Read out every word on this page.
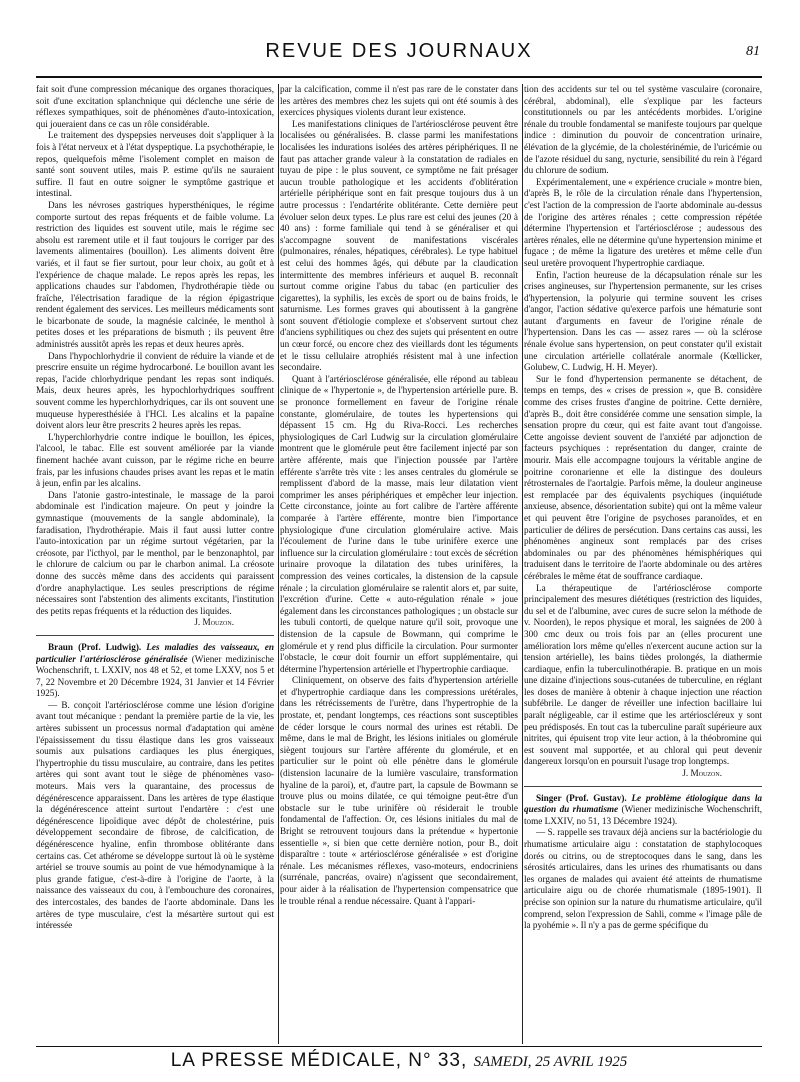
REVUE DES JOURNAUX	81

fait soit d'une compression mécanique des organes thoraciques, soit d'une excitation splanchnique qui déclenche une série de réflexes sympathiques, soit de phénomènes d'auto-intoxication, qui joueraient dans ce cas un rôle considérable.

Le traitement des dyspepsies nerveuses doit s'appliquer à la fois à l'état nerveux et à l'état dyspeptique. La psychothérapie, le repos, quelquefois même l'isolement complet en maison de santé sont souvent utiles, mais P. estime qu'ils ne sauraient suffire. Il faut en outre soigner le symptôme gastrique et intestinal.

Dans les névroses gastriques hypersthéniques, le régime comporte surtout des repas fréquents et de faible volume. La restriction des liquides est souvent utile, mais le régime sec absolu est rarement utile et il faut toujours le corriger par des lavements alimentaires (bouillon). Les aliments doivent être variés, et il faut se fier surtout, pour leur choix, au goût et à l'expérience de chaque malade. Le repos après les repas, les applications chaudes sur l'abdomen, l'hydrothérapie tiède ou fraîche, l'électrisation faradique de la région épigastrique rendent également des services. Les meilleurs médicaments sont le bicarbonate de soude, la magnésie calcinée, le menthol à petites doses et les préparations de bismuth ; ils peuvent être administrés aussitôt après les repas et deux heures après.

Dans l'hypochlorhydrie il convient de réduire la viande et de prescrire ensuite un régime hydrocarboné. Le bouillon avant les repas, l'acide chlorhydrique pendant les repas sont indiqués. Mais, deux heures après, les hypochlorhydriques souffrent souvent comme les hyperchlorhydriques, car ils ont souvent une muqueuse hyperesthésiée à l'HCl. Les alcalins et la papaïne doivent alors leur être prescrits 2 heures après les repas.

L'hyperchlorhydrie contre indique le bouillon, les épices, l'alcool, le tabac. Elle est souvent améliorée par la viande finement hachée avant cuisson, par le régime riche en beurre frais, par les infusions chaudes prises avant les repas et le matin à jeun, enfin par les alcalins.

Dans l'atonie gastro-intestinale, le massage de la paroi abdominale est l'indication majeure. On peut y joindre la gymnastique (mouvements de la sangle abdominale), la faradisation, l'hydrothérapie. Mais il faut aussi lutter contre l'auto-intoxication par un régime surtout végétarien, par la créosote, par l'icthyol, par le menthol, par le benzonaphtol, par le chlorure de calcium ou par le charbon animal. La créosote donne des succès même dans des accidents qui paraissent d'ordre anaphylactique. Les seules prescriptions de régime nécessaires sont l'abstention des aliments excitants, l'institution des petits repas fréquents et la réduction des liquides.

J. Mouzon.

Braun (Prof. Ludwig). Les maladies des vaisseaux, en particulier l'artériosclérose généralisée (Wiener medizinische Wochenschrift, t. LXXIV, nos 48 et 52, et tome LXXV, nos 5 et 7, 22 Novembre et 20 Décembre 1924, 31 Janvier et 14 Février 1925).

— B. conçoit l'artériosclérose comme une lésion d'origine avant tout mécanique : pendant la première partie de la vie, les artères subissent un processus normal d'adaptation qui amène l'épaississement du tissu élastique dans les gros vaisseaux soumis aux pulsations cardiaques les plus énergiques, l'hypertrophie du tissu musculaire, au contraire, dans les petites artères qui sont avant tout le siège de phénomènes vaso-moteurs. Mais vers la quarantaine, des processus de dégénérescence apparaissent. Dans les artères de type élastique la dégénérescence atteint surtout l'endartère : c'est une dégénérescence lipoïdique avec dépôt de cholestérine, puis développement secondaire de fibrose, de calcification, de dégénérescence hyaline, enfin thrombose oblitérante dans certains cas. Cet athérome se développe surtout là où le système artériel se trouve soumis au point de vue hémodynamique à la plus grande fatigue, c'est-à-dire à l'origine de l'aorte, à la naissance des vaisseaux du cou, à l'embouchure des coronaires, des intercostales, des bandes de l'aorte abdominale. Dans les artères de type musculaire, c'est la mésartère surtout qui est intéressée

par la calcification, comme il n'est pas rare de le constater dans les artères des membres chez les sujets qui ont été soumis à des exercices physiques violents durant leur existence.

Les manifestations cliniques de l'artériosclérose peuvent être localisées ou généralisées. B. classe parmi les manifestations localisées les indurations isolées des artères périphériques. Il ne faut pas attacher grande valeur à la constatation de radiales en tuyau de pipe : le plus souvent, ce symptôme ne fait présager aucun trouble pathologique et les accidents d'oblitération artérielle périphérique sont en fait presque toujours dus à un autre processus : l'endartérite oblitérante. Cette dernière peut évoluer selon deux types. Le plus rare est celui des jeunes (20 à 40 ans) : forme familiale qui tend à se généraliser et qui s'accompagne souvent de manifestations viscérales (pulmonaires, rénales, hépatiques, cérébrales). Le type habituel est celui des hommes âgés, qui débute par la claudication intermittente des membres inférieurs et auquel B. reconnaît surtout comme origine l'abus du tabac (en particulier des cigarettes), la syphilis, les excès de sport ou de bains froids, le saturnisme. Les formes graves qui aboutissent à la gangrène sont souvent d'étiologie complexe et s'observent surtout chez d'anciens syphilitiques ou chez des sujets qui présentent en outre un cœur forcé, ou encore chez des vieillards dont les téguments et le tissu cellulaire atrophiés résistent mal à une infection secondaire.

Quant à l'artériosclérose généralisée, elle répond au tableau clinique de « l'hypertonie », de l'hypertension artérielle pure. B. se prononce formellement en faveur de l'origine rénale constante, glomérulaire, de toutes les hypertensions qui dépassent 15 cm. Hg du Riva-Rocci. Les recherches physiologiques de Carl Ludwig sur la circulation glomérulaire montrent que le glomérule peut être facilement injecté par son artère afférente, mais que l'injection poussée par l'artère efférente s'arrête très vite : les anses centrales du glomérule se remplissent d'abord de la masse, mais leur dilatation vient comprimer les anses périphériques et empêcher leur injection. Cette circonstance, jointe au fort calibre de l'artère afférente comparée à l'artère efférente, montre bien l'importance physiologique d'une circulation glomérulaire active. Mais l'écoulement de l'urine dans le tube urinifère exerce une influence sur la circulation glomérulaire : tout excès de sécrétion urinaire provoque la dilatation des tubes urinifères, la compression des veines corticales, la distension de la capsule rénale ; la circulation glomérulaire se ralentit alors et, par suite, l'excrétion d'urine. Cette « auto-régulation rénale » joue également dans les circonstances pathologiques ; un obstacle sur les tubuli contorti, de quelque nature qu'il soit, provoque une distension de la capsule de Bowmann, qui comprime le glomérule et y rend plus difficile la circulation. Pour surmonter l'obstacle, le cœur doit fournir un effort supplémentaire, qui détermine l'hypertension artérielle et l'hypertrophie cardiaque.

Cliniquement, on observe des faits d'hypertension artérielle et d'hypertrophie cardiaque dans les compressions urétérales, dans les rétrécissements de l'urètre, dans l'hypertrophie de la prostate, et, pendant longtemps, ces réactions sont susceptibles de céder lorsque le cours normal des urines est rétabli. De même, dans le mal de Bright, les lésions initiales ou glomérule siègent toujours sur l'artère afférente du glomérule, et en particulier sur le point où elle pénètre dans le glomérule (distension lacunaire de la lumière vasculaire, transformation hyaline de la paroi), et, d'autre part, la capsule de Bowmann se trouve plus ou moins dilatée, ce qui témoigne peut-être d'un obstacle sur le tube urinifère où résiderait le trouble fondamental de l'affection. Or, ces lésions initiales du mal de Bright se retrouvent toujours dans la prétendue « hypertonie essentielle », si bien que cette dernière notion, pour B., doit disparaître : toute « artériosclérose généralisée » est d'origine rénale. Les mécanismes réflexes, vaso-moteurs, endocriniens (surrénale, pancréas, ovaire) n'agissent que secondairement, pour aider à la réalisation de l'hypertension compensatrice que le trouble rénal a rendue nécessaire. Quant à l'appari-

tion des accidents sur tel ou tel système vasculaire (coronaire, cérébral, abdominal), elle s'explique par les facteurs constitutionnels ou par les antécédents morbides. L'origine rénale du trouble fondamental se manifeste toujours par quelque indice : diminution du pouvoir de concentration urinaire, élévation de la glycémie, de la cholestérinémie, de l'uricémie ou de l'azote résiduel du sang, nycturie, sensibilité du rein à l'égard du chlorure de sodium.

Expérimentalement, une « expérience cruciale » montre bien, d'après B, le rôle de la circulation rénale dans l'hypertension, c'est l'action de la compression de l'aorte abdominale au-dessus de l'origine des artères rénales ; cette compression répétée détermine l'hypertension et l'artériosclérose ; audessous des artères rénales, elle ne détermine qu'une hypertension minime et fugace ; de même la ligature des uretères et même celle d'un seul uretère provoquent l'hypertrophie cardiaque.

Enfin, l'action heureuse de la décapsulation rénale sur les crises angineuses, sur l'hypertension permanente, sur les crises d'hypertension, la polyurie qui termine souvent les crises d'angor, l'action sédative qu'exerce parfois une hématurie sont autant d'arguments en faveur de l'origine rénale de l'hypertension. Dans les cas — assez rares — où la sclérose rénale évolue sans hypertension, on peut constater qu'il existait une circulation artérielle collatérale anormale (Kœllicker, Golubew, C. Ludwig, H. H. Meyer).

Sur le fond d'hypertension permanente se détachent, de temps en temps, des « crises de pression », que B. considère comme des crises frustes d'angine de poitrine. Cette dernière, d'après B., doit être considérée comme une sensation simple, la sensation propre du cœur, qui est faite avant tout d'angoisse. Cette angoisse devient souvent de l'anxiété par adjonction de facteurs psychiques : représentation du danger, crainte de mourir. Mais elle accompagne toujours la véritable angine de poitrine coronarienne et elle la distingue des douleurs rétrosternales de l'aortalgie. Parfois même, la douleur angineuse est remplacée par des équivalents psychiques (inquiétude anxieuse, absence, désorientation subite) qui ont la même valeur et qui peuvent être l'origine de psychoses paranoïdes, et en particulier de délires de persécution. Dans certains cas aussi, les phénomènes angineux sont remplacés par des crises abdominales ou par des phénomènes hémisphériques qui traduisent dans le territoire de l'aorte abdominale ou des artères cérébrales le même état de souffrance cardiaque.

La thérapeutique de l'artériosclérose comporte principalement des mesures diététiques (restriction des liquides, du sel et de l'albumine, avec cures de sucre selon la méthode de v. Noorden), le repos physique et moral, les saignées de 200 à 300 cmc deux ou trois fois par an (elles procurent une amélioration lors même qu'elles n'exercent aucune action sur la tension artérielle), les bains tièdes prolongés, la diathermie cardiaque, enfin la tuberculinothérapie. B. pratique en un mois une dizaine d'injections sous-cutanées de tuberculine, en réglant les doses de manière à obtenir à chaque injection une réaction subfébrile. Le danger de réveiller une infection bacillaire lui paraît négligeable, car il estime que les artérioscléreux y sont peu prédisposés. En tout cas la tuberculine paraît supérieure aux nitrites, qui épuisent trop vite leur action, à la théobromine qui est souvent mal supportée, et au chloral qui peut devenir dangereux lorsqu'on en poursuit l'usage trop longtemps.

J. Mouzon.

Singer (Prof. Gustav). Le problème étiologique dans la question du rhumatisme (Wiener medizinische Wochenschrift, tome LXXIV, no 51, 13 Décembre 1924).

— S. rappelle ses travaux déjà anciens sur la bactériologie du rhumatisme articulaire aigu : constatation de staphylocoques dorés ou citrins, ou de streptocoques dans le sang, dans les sérosités articulaires, dans les urines des rhumatisants ou dans les organes de malades qui avaient été atteints de rhumatisme articulaire aigu ou de chorée rhumatismale (1895-1901). Il précise son opinion sur la nature du rhumatisme articulaire, qu'il comprend, selon l'expression de Sahli, comme « l'image pâle de la pyohémie ». Il n'y a pas de germe spécifique du

LA PRESSE MÉDICALE, N° 33, SAMEDI, 25 AVRIL 1925
